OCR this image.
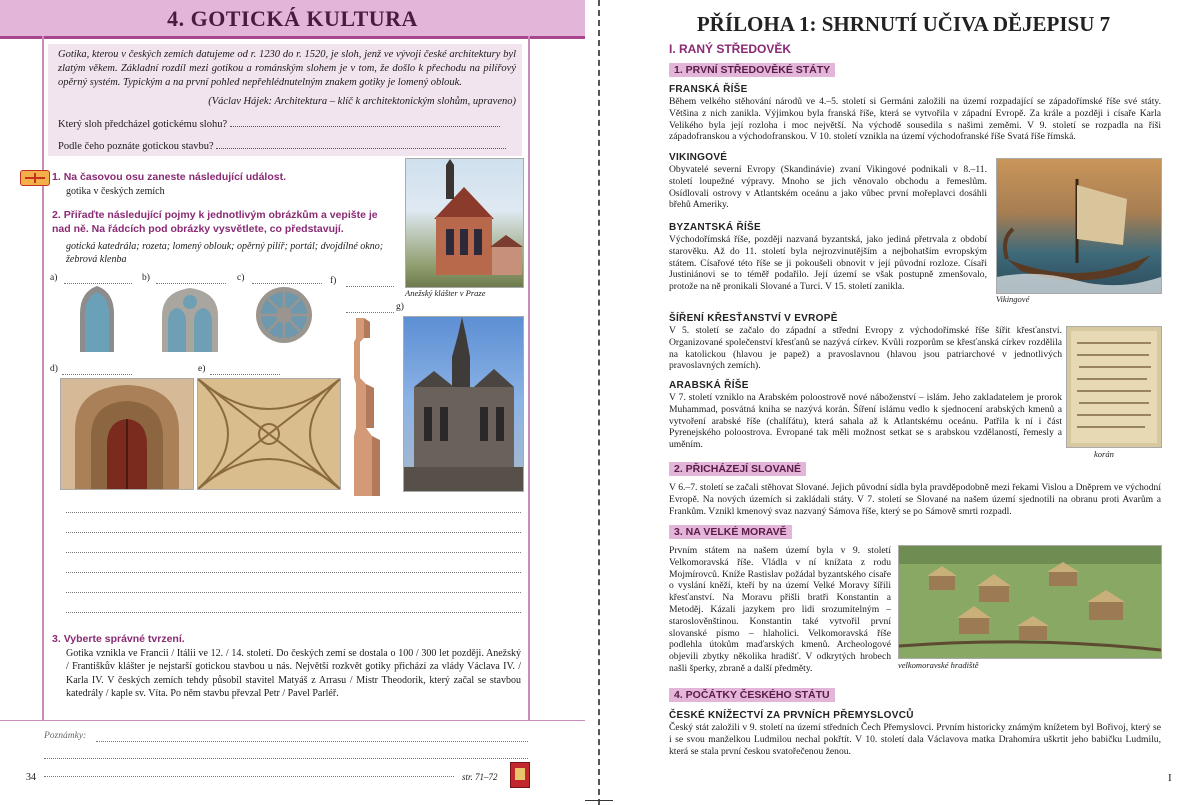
4. GOTICKÁ KULTURA
Gotika, kterou v českých zemích datujeme od r. 1230 do r. 1520, je sloh, jenž ve vývoji české architektury byl zlatým věkem. Základní rozdíl mezi gotikou a románským slohem je v tom, že došlo k přechodu na pilířový opěrný systém. Typickým a na první pohled nepřehlédnutelným znakem gotiky je lomený oblouk.
(Václav Hájek: Architektura – klíč k architektonickým slohům, upraveno)
Který sloh předcházel gotickému slohu?
Podle čeho poznáte gotickou stavbu?
1. Na časovou osu zaneste následující událost.
gotika v českých zemích
2. Přiřaďte následující pojmy k jednotlivým obrázkům a vepište je nad ně. Na řádcích pod obrázky vysvětlete, co představují.
gotická katedrála; rozeta; lomený oblouk; opěrný pilíř; portál; dvojdílné okno; žebrová klenba
Anežský klášter v Praze
a)	b)	c)	f)
g)
d)	e)
3. Vyberte správné tvrzení.
Gotika vznikla ve Francii / Itálii ve 12. / 14. století. Do českých zemí se dostala o 100 / 300 let později. Anežský / Františkův klášter je nejstarší gotickou stavbou u nás. Největší rozkvět gotiky přichází za vlády Václava IV. / Karla IV. V českých zemích tehdy působil stavitel Matyáš z Arrasu / Mistr Theodorik, který začal se stavbou katedrály / kaple sv. Víta. Po něm stavbu převzal Petr / Pavel Parléř.
Poznámky:
34	str. 71–72
PŘÍLOHA 1: SHRNUTÍ UČIVA DĚJEPISU 7
I. RANÝ STŘEDOVĚK
1. PRVNÍ STŘEDOVĚKÉ STÁTY
FRANSKÁ ŘÍŠE
Během velkého stěhování národů ve 4.–5. století si Germáni založili na území rozpadající se západořímské říše své státy. Většina z nich zanikla. Výjimkou byla franská říše, která se vytvořila v západní Evropě. Za krále a později i císaře Karla Velikého byla její rozloha i moc největší. Na východě sousedila s našimi zeměmi. V 9. století se rozpadla na říši západofranskou a východofranskou. V 10. století vznikla na území východofranské říše Svatá říše římská.
VIKINGOVÉ
Obyvatelé severní Evropy (Skandinávie) zvaní Vikingové podnikali v 8.–11. století loupežné výpravy. Mnoho se jich věnovalo obchodu a řemeslům. Osídlovali ostrovy v Atlantském oceánu a jako vůbec první mořeplavci dosáhli břehů Ameriky.
Vikingové
BYZANTSKÁ ŘÍŠE
Východořímská říše, později nazvaná byzantská, jako jediná přetrvala z období starověku. Až do 11. století byla nejrozvinutějším a nejbohatším evropským státem. Císařové této říše se ji pokoušeli obnovit v její původní rozloze. Císaři Justiniánovi se to téměř podařilo. Její území se však postupně zmenšovalo, protože na ně pronikali Slované a Turci. V 15. století zanikla.
ŠÍŘENÍ KŘESŤANSTVÍ V EVROPĚ
V 5. století se začalo do západní a střední Evropy z východořímské říše šířit křesťanství. Organizované společenství křesťanů se nazývá církev. Kvůli rozporům se křesťanská církev rozdělila na katolickou (hlavou je papež) a pravoslavnou (hlavou jsou patriarchové v jednotlivých pravoslavných zemích).
korán
ARABSKÁ ŘÍŠE
V 7. století vzniklo na Arabském poloostrově nové náboženství – islám. Jeho zakladatelem je prorok Muhammad, posvátná kniha se nazývá korán. Šíření islámu vedlo k sjednocení arabských kmenů a vytvoření arabské říše (chalífátu), která sahala až k Atlantskému oceánu. Patřila k ní i část Pyrenejského poloostrova. Evropané tak měli možnost setkat se s arabskou vzdělaností, řemesly a uměním.
2. PŘICHÁZEJÍ SLOVANÉ
V 6.–7. století se začali stěhovat Slované. Jejich původní sídla byla pravděpodobně mezi řekami Vislou a Dněprem ve východní Evropě. Na nových územích si zakládali státy. V 7. století se Slované na našem území sjednotili na obranu proti Avarům a Frankům. Vznikl kmenový svaz nazvaný Sámova říše, který se po Sámově smrti rozpadl.
3. NA VELKÉ MORAVĚ
Prvním státem na našem území byla v 9. století Velkomoravská říše. Vládla v ní knížata z rodu Mojmírovců. Kníže Rastislav požádal byzantského císaře o vyslání kněží, kteří by na území Velké Moravy šířili křesťanství. Na Moravu přišli bratři Konstantin a Metoděj. Kázali jazykem pro lidi srozumitelným – staroslověnštinou. Konstantin také vytvořil první slovanské písmo – hlaholici. Velkomoravská říše podlehla útokům maďarských kmenů. Archeologové objevili zbytky několika hradišť. V odkrytých hrobech našli šperky, zbraně a další předměty.	velkomoravské hradiště
4. POČÁTKY ČESKÉHO STÁTU
ČESKÉ KNÍŽECTVÍ ZA PRVNÍCH PŘEMYSLOVCŮ
Český stát založili v 9. století na území středních Čech Přemyslovci. Prvním historicky známým knížetem byl Bořivoj, který se i se svou manželkou Ludmilou nechal pokřtít. V 10. století dala Václavova matka Drahomíra uškrtit jeho babičku Ludmilu, která se stala první českou svatořečenou ženou.
I
